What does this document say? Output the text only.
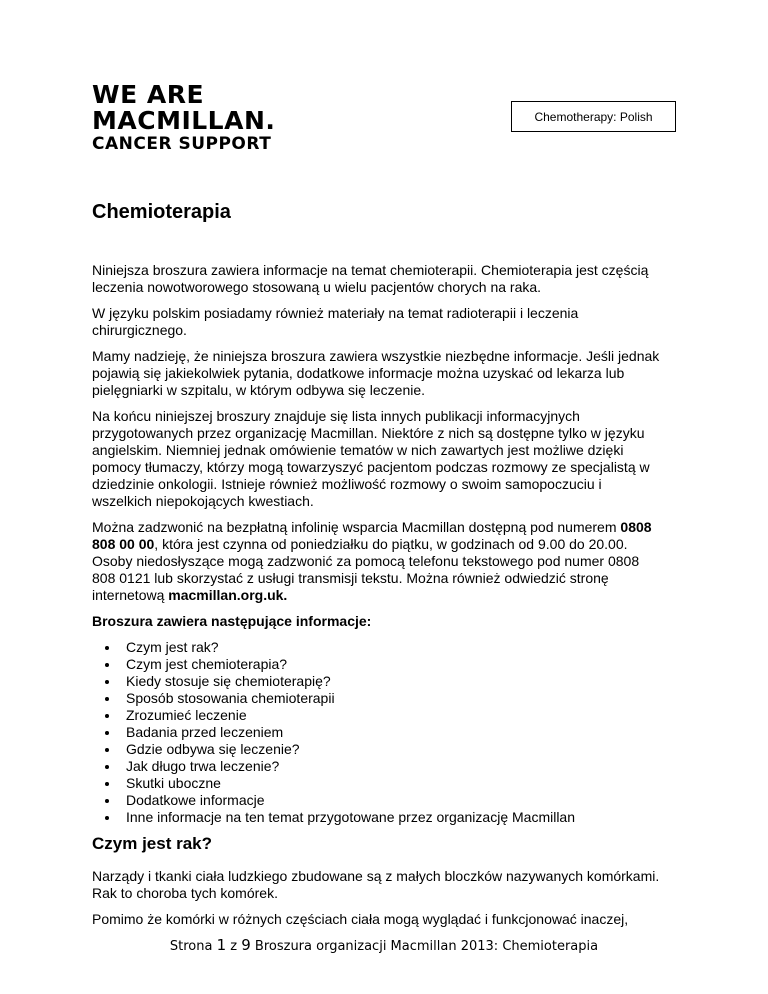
WE ARE
MACMILLAN.
CANCER SUPPORT
Chemotherapy: Polish
Chemioterapia

Niniejsza broszura zawiera informacje na temat chemioterapii. Chemioterapia jest częścią leczenia nowotworowego stosowaną u wielu pacjentów chorych na raka.

W języku polskim posiadamy również materiały na temat radioterapii i leczenia chirurgicznego.

Mamy nadzieję, że niniejsza broszura zawiera wszystkie niezbędne informacje. Jeśli jednak pojawią się jakiekolwiek pytania, dodatkowe informacje można uzyskać od lekarza lub pielęgniarki w szpitalu, w którym odbywa się leczenie.

Na końcu niniejszej broszury znajduje się lista innych publikacji informacyjnych przygotowanych przez organizację Macmillan. Niektóre z nich są dostępne tylko w języku angielskim. Niemniej jednak omówienie tematów w nich zawartych jest możliwe dzięki pomocy tłumaczy, którzy mogą towarzyszyć pacjentom podczas rozmowy ze specjalistą w dziedzinie onkologii. Istnieje również możliwość rozmowy o swoim samopoczuciu i wszelkich niepokojących kwestiach.

Można zadzwonić na bezpłatną infolinię wsparcia Macmillan dostępną pod numerem 0808 808 00 00, która jest czynna od poniedziałku do piątku, w godzinach od 9.00 do 20.00. Osoby niedosłyszące mogą zadzwonić za pomocą telefonu tekstowego pod numer 0808 808 0121 lub skorzystać z usługi transmisji tekstu. Można również odwiedzić stronę internetową macmillan.org.uk.

Broszura zawiera następujące informacje:

• Czym jest rak?
• Czym jest chemioterapia?
• Kiedy stosuje się chemioterapię?
• Sposób stosowania chemioterapii
• Zrozumieć leczenie
• Badania przed leczeniem
• Gdzie odbywa się leczenie?
• Jak długo trwa leczenie?
• Skutki uboczne
• Dodatkowe informacje
• Inne informacje na ten temat przygotowane przez organizację Macmillan
Czym jest rak?

Narządy i tkanki ciała ludzkiego zbudowane są z małych bloczków nazywanych komórkami. Rak to choroba tych komórek.

Pomimo że komórki w różnych częściach ciała mogą wyglądać i funkcjonować inaczej,

Strona 1 z 9 Broszura organizacji Macmillan 2013: Chemioterapia
